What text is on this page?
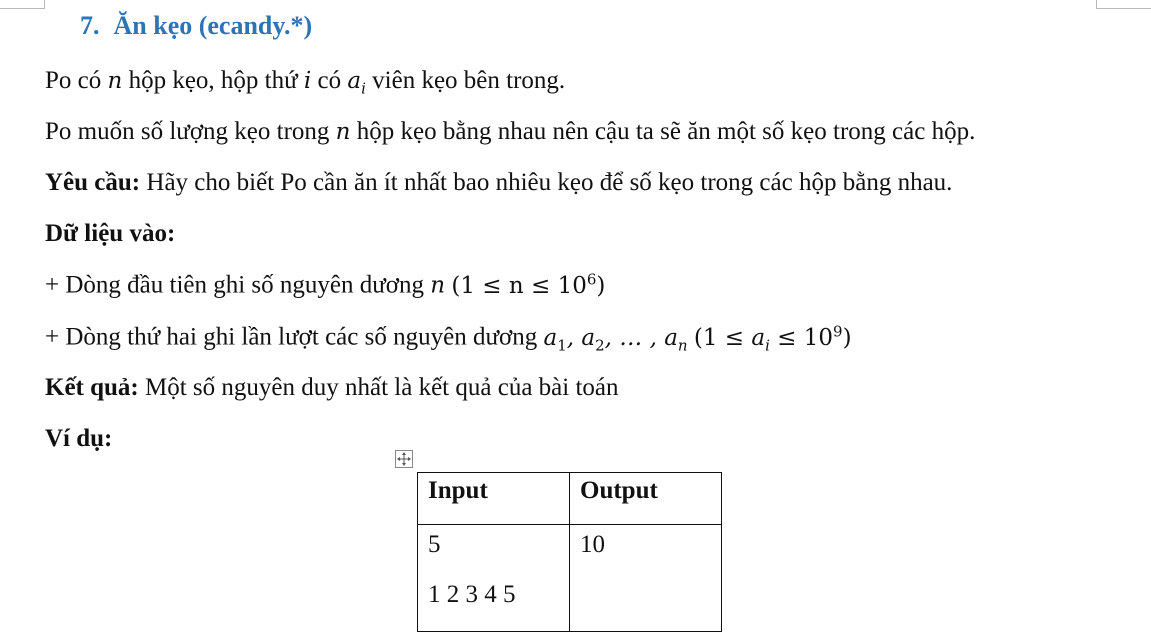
7. Ăn kẹo (ecandy.*)
Po có n hộp kẹo, hộp thứ i có $a_i$ viên kẹo bên trong.
Po muốn số lượng kẹo trong n hộp kẹo bằng nhau nên cậu ta sẽ ăn một số kẹo trong các hộp.
Yêu cầu: Hãy cho biết Po cần ăn ít nhất bao nhiêu kẹo để số kẹo trong các hộp bằng nhau.
Dữ liệu vào:
+ Dòng đầu tiên ghi số nguyên dương n $(1 \le n \le 10^6)$
+ Dòng thứ hai ghi lần lượt các số nguyên dương $a_1$, $a_2$, … , $a_n$ $(1 \le a_i \le 10^9)$
Kết quả: Một số nguyên duy nhất là kết quả của bài toán
Ví dụ:
Input	Output

5
1 2 3 4 5	10
